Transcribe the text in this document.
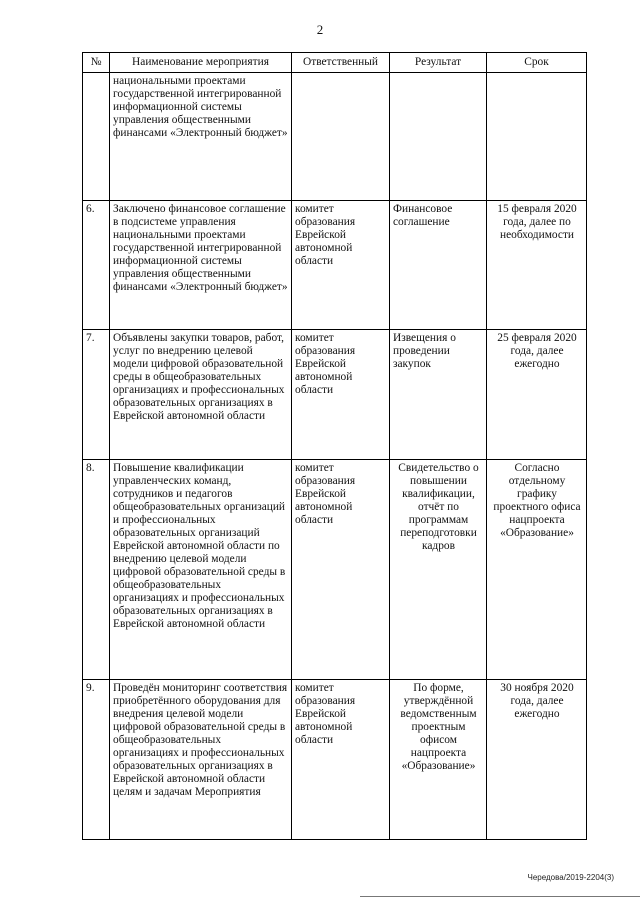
2
№	Наименование мероприятия	Ответственный	Результат	Срок
	национальными проектами государственной интегрированной информационной системы управления общественными финансами «Электронный бюджет»			
6.	Заключено финансовое соглашение в подсистеме управления национальными проектами государственной интегрированной информационной системы управления общественными финансами «Электронный бюджет»	комитет образования Еврейской автономной области	Финансовое соглашение	15 февраля 2020 года, далее по необходимости
7.	Объявлены закупки товаров, работ, услуг по внедрению целевой модели цифровой образовательной среды в общеобразовательных организациях и профессиональных образовательных организациях в Еврейской автономной области	комитет образования Еврейской автономной области	Извещения о проведении закупок	25 февраля 2020 года, далее ежегодно
8.	Повышение квалификации управленческих команд, сотрудников и педагогов общеобразовательных организаций и профессиональных образовательных организаций Еврейской автономной области по внедрению целевой модели цифровой образовательной среды в общеобразовательных организациях и профессиональных образовательных организациях в Еврейской автономной области	комитет образования Еврейской автономной области	Свидетельство о повышении квалификации, отчёт по программам переподготовки кадров	Согласно отдельному графику проектного офиса нацпроекта «Образование»
9.	Проведён мониторинг соответствия приобретённого оборудования для внедрения целевой модели цифровой образовательной среды в общеобразовательных организациях и профессиональных образовательных организациях в Еврейской автономной области целям и задачам Мероприятия	комитет образования Еврейской автономной области	По форме, утверждённой ведомственным проектным офисом нацпроекта «Образование»	30 ноября 2020 года, далее ежегодно
Чередова/2019-2204(3)
